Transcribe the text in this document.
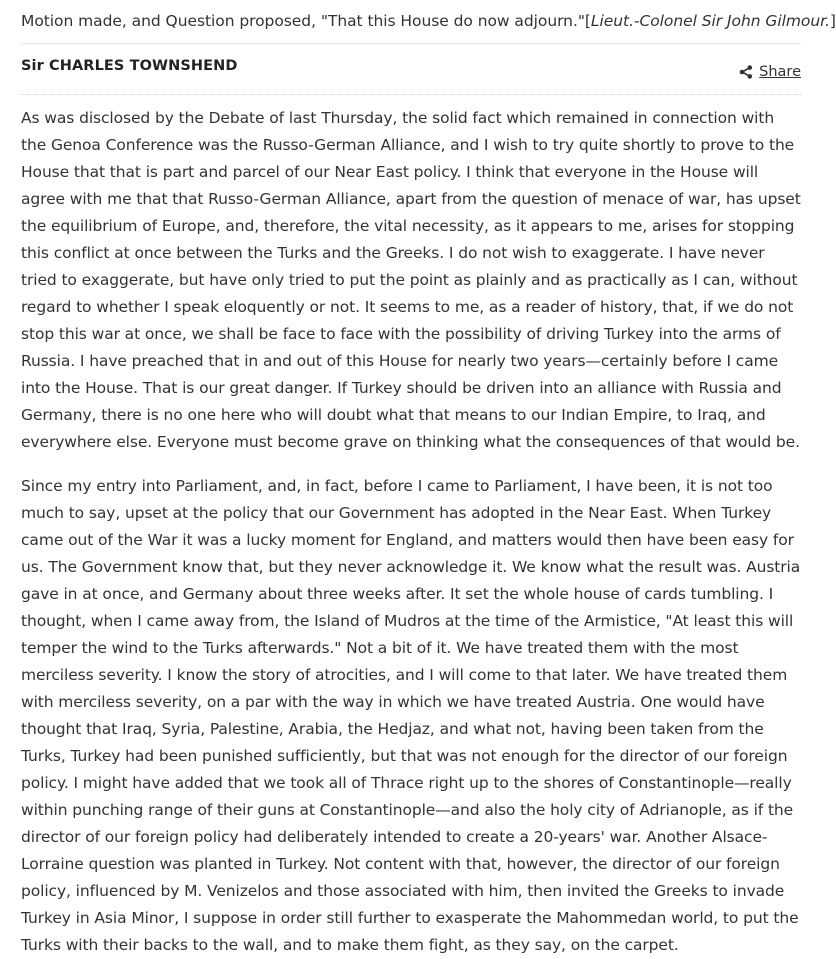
Motion made, and Question proposed, "That this House do now adjourn."[Lieut.-Colonel Sir John Gilmour.]

Sir CHARLES TOWNSHEND	Share

As was disclosed by the Debate of last Thursday, the solid fact which remained in connection with the Genoa Conference was the Russo-German Alliance, and I wish to try quite shortly to prove to the House that that is part and parcel of our Near East policy. I think that everyone in the House will agree with me that that Russo-German Alliance, apart from the question of menace of war, has upset the equilibrium of Europe, and, therefore, the vital necessity, as it appears to me, arises for stopping this conflict at once between the Turks and the Greeks. I do not wish to exaggerate. I have never tried to exaggerate, but have only tried to put the point as plainly and as practically as I can, without regard to whether I speak eloquently or not. It seems to me, as a reader of history, that, if we do not stop this war at once, we shall be face to face with the possibility of driving Turkey into the arms of Russia. I have preached that in and out of this House for nearly two years—certainly before I came into the House. That is our great danger. If Turkey should be driven into an alliance with Russia and Germany, there is no one here who will doubt what that means to our Indian Empire, to Iraq, and everywhere else. Everyone must become grave on thinking what the consequences of that would be.

Since my entry into Parliament, and, in fact, before I came to Parliament, I have been, it is not too much to say, upset at the policy that our Government has adopted in the Near East. When Turkey came out of the War it was a lucky moment for England, and matters would then have been easy for us. The Government know that, but they never acknowledge it. We know what the result was. Austria gave in at once, and Germany about three weeks after. It set the whole house of cards tumbling. I thought, when I came away from, the Island of Mudros at the time of the Armistice, "At least this will temper the wind to the Turks afterwards." Not a bit of it. We have treated them with the most merciless severity. I know the story of atrocities, and I will come to that later. We have treated them with merciless severity, on a par with the way in which we have treated Austria. One would have thought that Iraq, Syria, Palestine, Arabia, the Hedjaz, and what not, having been taken from the Turks, Turkey had been punished sufficiently, but that was not enough for the director of our foreign policy. I might have added that we took all of Thrace right up to the shores of Constantinople—really within punching range of their guns at Constantinople—and also the holy city of Adrianople, as if the director of our foreign policy had deliberately intended to create a 20-years' war. Another Alsace-Lorraine question was planted in Turkey. Not content with that, however, the director of our foreign policy, influenced by M. Venizelos and those associated with him, then invited the Greeks to invade Turkey in Asia Minor, I suppose in order still further to exasperate the Mahommedan world, to put the Turks with their backs to the wall, and to make them fight, as they say, on the carpet.
